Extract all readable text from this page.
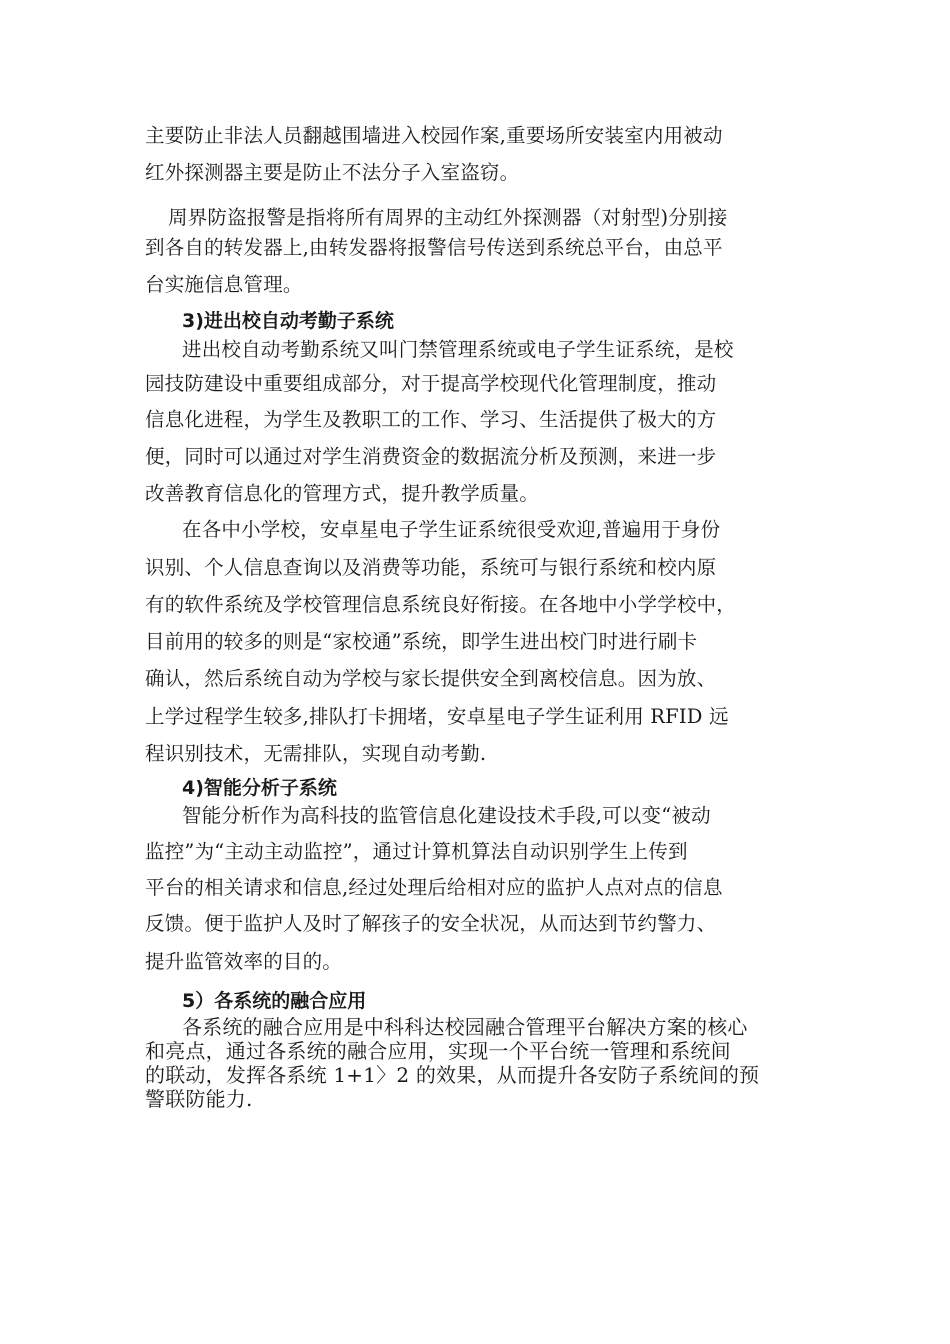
主要防止非法人员翻越围墙进入校园作案,重要场所安装室内用被动
红外探测器主要是防止不法分子入室盗窃。
周界防盗报警是指将所有周界的主动红外探测器（对射型)分别接
到各自的转发器上,由转发器将报警信号传送到系统总平台，由总平
台实施信息管理。
3)进出校自动考勤子系统
进出校自动考勤系统又叫门禁管理系统或电子学生证系统，是校
园技防建设中重要组成部分，对于提高学校现代化管理制度，推动
信息化进程，为学生及教职工的工作、学习、生活提供了极大的方
便，同时可以通过对学生消费资金的数据流分析及预测，来进一步
改善教育信息化的管理方式，提升教学质量。
在各中小学校，安卓星电子学生证系统很受欢迎,普遍用于身份
识别、个人信息查询以及消费等功能，系统可与银行系统和校内原
有的软件系统及学校管理信息系统良好衔接。在各地中小学学校中，
目前用的较多的则是“家校通”系统，即学生进出校门时进行刷卡
确认，然后系统自动为学校与家长提供安全到离校信息。因为放、
上学过程学生较多,排队打卡拥堵，安卓星电子学生证利用 RFID 远
程识别技术，无需排队，实现自动考勤.
4)智能分析子系统
智能分析作为高科技的监管信息化建设技术手段,可以变“被动
监控”为“主动主动监控”，通过计算机算法自动识别学生上传到
平台的相关请求和信息,经过处理后给相对应的监护人点对点的信息
反馈。便于监护人及时了解孩子的安全状况，从而达到节约警力、
提升监管效率的目的。
5）各系统的融合应用
各系统的融合应用是中科科达校园融合管理平台解决方案的核心
和亮点，通过各系统的融合应用，实现一个平台统一管理和系统间
的联动，发挥各系统 1+1〉2 的效果，从而提升各安防子系统间的预
警联防能力.
